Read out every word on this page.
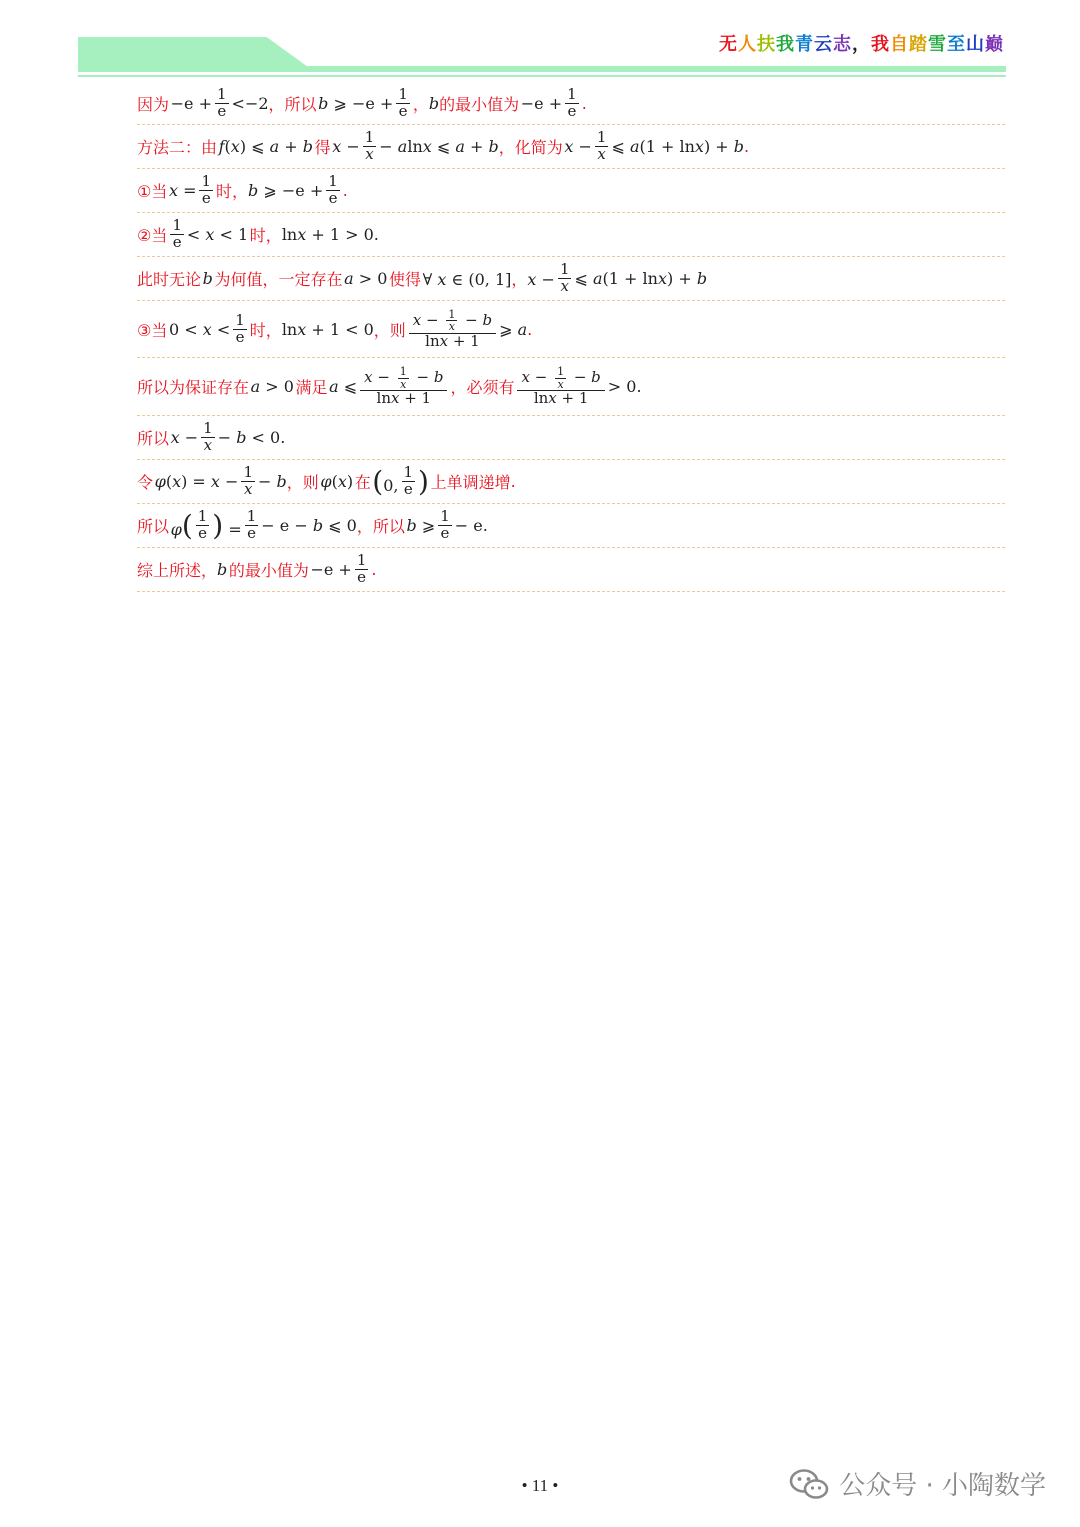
无人扶我青云志，我自踏雪至山巅
因为  $-e + \frac{1}{e} <-2$ ，所以
  b ⩾ $-e + \frac{1}{e}$ ， b 的最小值为  $-e + \frac{1}{e}$ .
方法二：由
  f(x) ⩽ a + b  得
  $x - \frac{1}{x} - alnx$ ⩽ a + b ，化简为
  $x - \frac{1}{x}$ ⩽ a(1 + lnx) + b .
①当
  $x = \frac{1}{e}$ 时， b ⩾ $-e + \frac{1}{e}$ .
②当
1
e < x < 1  时， lnx + 1 > 0.
此时无论  b  为何值，一定存在
  a > 0  使得  ∀ x ∈ (0, 1]，$x - \frac{1}{x}$ ⩽ a(1 + lnx) + b
③当  0 < x < 1
e 时， lnx + 1 < 0 ，则
$x - \frac{1}{x} - b$
lnx + 1
⩾ a.
所以为保证存在
  a > 0  满足
  a ⩽ $x - \frac{1}{x} - b$
lnx + 1
，必须有
$x - \frac{1}{x} - b$
lnx + 1
> 0.
所以
  $x - \frac{1}{x} - b < 0$.
令
  $\varphi(x) = x - \frac{1}{x} - b$ ，则
  φ(x)  在
  (0,
1
e )  上单调递增 .
所以
  φ( 1
e ) = $\frac{1}{e} - e - b$ ⩽ 0 ，所以
  b ⩾ 1
e − e.
综上所述， b  的最小值为  $-e + \frac{1}{e}$ .
• 11 •	公众号 · 小陶数学
